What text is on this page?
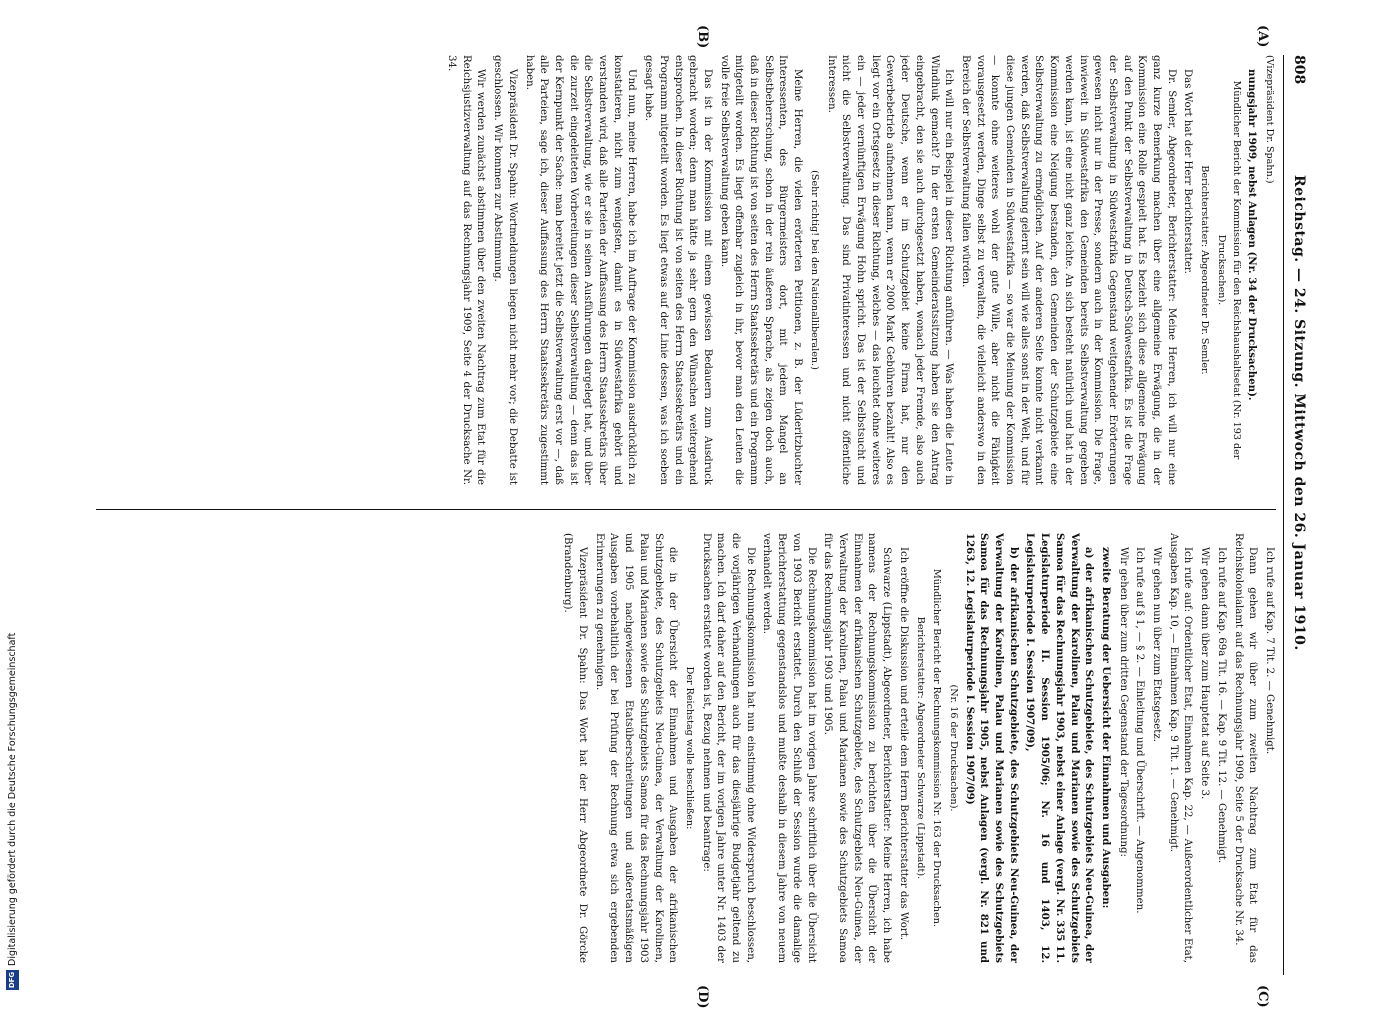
808
Reichstag. — 24. Sitzung. Mittwoch den 26. Januar 1910.
(A)
(B)
(C)
(D)

(Vizepräsident Dr. Spahn.)

nungsjahr 1909, nebst Anlagen (Nr. 34 der Drucksachen).

Mündlicher Bericht der Kommission für den Reichshaushaltsetat (Nr. 193 der Drucksachen).

Berichterstatter: Abgeordneter Dr. Semler.

Das Wort hat der Herr Berichterstatter.

Dr. Semler, Abgeordneter, Berichterstatter: Meine Herren, ich will nur eine ganz kurze Bemerkung machen über eine allgemeine Erwägung, die in der Kommission eine Rolle gespielt hat. Es bezieht sich diese allgemeine Erwägung auf den Punkt der Selbstverwaltung in Deutsch-Südwestafrika. Es ist die Frage der Selbstverwaltung in Südwestafrika Gegenstand weitgehender Erörterungen gewesen nicht nur in der Presse, sondern auch in der Kommission. Die Frage, inwieweit in Südwestafrika den Gemeinden bereits Selbstverwaltung gegeben werden kann, ist eine nicht ganz leichte. An sich besteht natürlich und hat in der Kommission eine Neigung bestanden, den Gemeinden der Schutzgebiete eine Selbstverwaltung zu ermöglichen. Auf der anderen Seite konnte nicht verkannt werden, daß Selbstverwaltung gelernt sein will wie alles sonst in der Welt, und für diese jungen Gemeinden in Südwestafrika — so war die Meinung der Kommission — konnte ohne weiteres wohl der gute Wille, aber nicht die Fähigkeit vorausgesetzt werden, Dinge selbst zu verwalten, die vielleicht anderswo in den Bereich der Selbstverwaltung fallen würden.

Ich will nur ein Beispiel in dieser Richtung anführen. — Was haben die Leute in Windhuk gemacht? In der ersten Gemeinderatssitzung haben sie den Antrag eingebracht, den sie auch durchgesetzt haben, wonach jeder Fremde, also auch jeder Deutsche, wenn er im Schutzgebiet keine Firma hat, nur den Gewerbebetrieb aufnehmen kann, wenn er 2000 Mark Gebühren bezahlt! Also es liegt vor ein Ortsgesetz in dieser Richtung, welches — das leuchtet ohne weiteres ein — jeder vernünftigen Erwägung Hohn spricht. Das ist der Selbstsucht und nicht die Selbstverwaltung. Das sind Privatinteressen und nicht öffentliche Interessen.

(Sehr richtig! bei den Nationalliberalen.)

Meine Herren, die vielen erörterten Petitionen, z. B. der Lüderitzbuchter Interessenten, des Bürgermeisters dort, mit jedem Mangel an Selbstbeherrschung, schon in der rein äußeren Sprache, als zeigen doch auch, daß in dieser Richtung ist von seiten des Herrn Staatssekretärs und ein Programm mitgeteilt worden. Es liegt offenbar zugleich in ihr, bevor man den Leuten die volle freie Selbstverwaltung geben kann.

Das ist in der Kommission mit einem gewissen Bedauern zum Ausdruck gebracht worden; denn man hätte ja sehr gern den Wünschen weitergehend entsprochen. In dieser Richtung ist von seiten des Herrn Staatssekretärs und ein Programm mitgeteilt worden. Es liegt etwas auf der Linie dessen, was ich soeben gesagt habe.

Und nun, meine Herren, habe ich im Auftrage der Kommission ausdrücklich zu konstatieren, nicht zum wenigsten, damit es in Südwestafrika gehört und verstanden wird, daß alle Parteien der Auffassung des Herrn Staatssekretärs über die Selbstverwaltung, wie er sie in seinen Ausführungen dargelegt hat, und über die zurzeit eingeleiteten Vorbereitungen dieser Selbstverwaltung — denn das ist der Kernpunkt der Sache: man bereitet jetzt die Selbstverwaltung erst vor —, daß alle Parteien, sage ich, dieser Auffassung des Herrn Staatssekretärs zugestimmt haben.

Vizepräsident Dr. Spahn: Wortmeldungen liegen nicht mehr vor; die Debatte ist geschlossen. Wir kommen zur Abstimmung.

Wir werden zunächst abstimmen über den zweiten Nachtrag zum Etat für die Reichsjustizverwaltung auf das Rechnungsjahr 1909, Seite 4 der Drucksache Nr. 34.

Ich rufe auf Kap. 7 Tit. 2. — Genehmigt.

Dann gehen wir über zum zweiten Nachtrag zum Etat für das Reichskolonialamt auf das Rechnungsjahr 1909, Seite 5 der Drucksache Nr. 34.

Ich rufe auf Kap. 69a Tit. 16. — Kap. 9 Tit. 12. — Genehmigt.

Wir gehen dann über zum Hauptetat auf Seite 3.

Ich rufe auf: Ordentlicher Etat, Einnahmen Kap. 22, — Außerordentlicher Etat, Ausgaben Kap. 10, — Einnahmen Kap. 9 Tit. 1. — Genehmigt.

Wir gehen nun über zum Etatsgesetz.

Ich rufe auf § 1, — § 2. — Einleitung und Überschrift. — Angenommen.

Wir gehen über zum dritten Gegenstand der Tagesordnung:

zweite Beratung der Uebersicht der Einnahmen und Ausgaben:

a) der afrikanischen Schutzgebiete, des Schutzgebiets Neu-Guinea, der Verwaltung der Karolinen, Palau und Marianen sowie des Schutzgebiets Samoa für das Rechnungsjahr 1903, nebst einer Anlage (vergl. Nr. 335 11. Legislaturperiode II. Session 1905/06; Nr. 16 und 1403, 12. Legislaturperiode I. Session 1907/09),

b) der afrikanischen Schutzgebiete, des Schutzgebiets Neu-Guinea, der Verwaltung der Karolinen, Palau und Marianen sowie des Schutzgebiets Samoa für das Rechnungsjahr 1905, nebst Anlagen (vergl. Nr. 821 und 1263, 12. Legislaturperiode I. Session 1907/09)

(Nr. 16 der Drucksachen).

Mündlicher Bericht der Rechnungskommission Nr. 163 der Drucksachen.

Berichterstatter: Abgeordneter Schwarze (Lippstadt).

Ich eröffne die Diskussion und erteile dem Herrn Berichterstatter das Wort.

Schwarze (Lippstadt), Abgeordneter, Berichterstatter: Meine Herren, ich habe namens der Rechnungskommission zu berichten über die Übersicht der Einnahmen der afrikanischen Schutzgebiete, des Schutzgebiets Neu-Guinea, der Verwaltung der Karolinen, Palau und Marianen sowie des Schutzgebiets Samoa für das Rechnungsjahr 1903 und 1905.

Die Rechnungskommission hat im vorigen Jahre schriftlich über die Übersicht von 1903 Bericht erstattet. Durch den Schluß der Session wurde die damalige Berichterstattung gegenstandslos und mußte deshalb in diesem Jahre von neuem verhandelt werden.

Die Rechnungskommission hat nun einstimmig ohne Widerspruch beschlossen, die vorjährigen Verhandlungen auch für das diesjährige Budgetjahr geltend zu machen. Ich darf daher auf den Bericht, der im vorigen Jahre unter Nr. 1403 der Drucksachen erstattet worden ist, Bezug nehmen und beantrage:

Der Reichstag wolle beschließen:

die in der Übersicht der Einnahmen und Ausgaben der afrikanischen Schutzgebiete, des Schutzgebiets Neu-Guinea, der Verwaltung der Karolinen, Palau und Marianen sowie des Schutzgebiets Samoa für das Rechnungsjahr 1903 und 1905 nachgewiesenen Etatsüberschreitungen und außeretatsmäßigen Ausgaben vorbehaltlich der bei Prüfung der Rechnung etwa sich ergebenden Erinnerungen zu genehmigen.

Vizepräsident Dr. Spahn: Das Wort hat der Herr Abgeordnete Dr. Görcke (Brandenburg).

DFGDigitalisierung gefördert durch die Deutsche Forschungsgemeinschaft
